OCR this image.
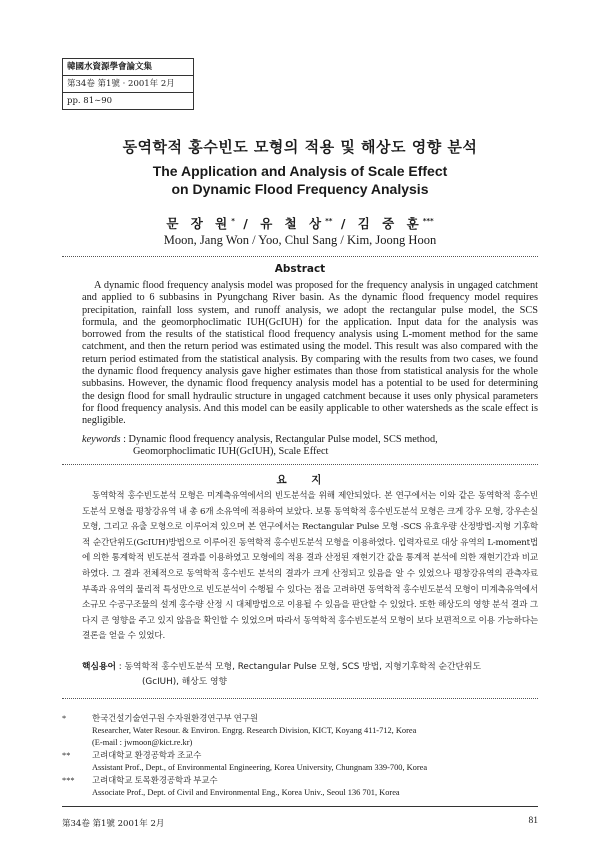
韓國水資源學會論文集
第34卷 第1號 · 2001年 2月
pp. 81∼90
동역학적 홍수빈도 모형의 적용 및 해상도 영향 분석
The Application and Analysis of Scale Effect
on Dynamic Flood Frequency Analysis
문 장 원* / 유 철 상** / 김 중 훈***
Moon, Jang Won / Yoo, Chul Sang / Kim, Joong Hoon
Abstract

A dynamic flood frequency analysis model was proposed for the frequency analysis in ungaged catchment and applied to 6 subbasins in Pyungchang River basin. As the dynamic flood frequency model requires precipitation, rainfall loss system, and runoff analysis, we adopt the rectangular pulse model, the SCS formula, and the geomorphoclimatic IUH(GcIUH) for the application. Input data for the analysis was borrowed from the results of the statistical flood frequency analysis using L-moment method for the same catchment, and then the return period was estimated using the model. This result was also compared with the return period estimated from the statistical analysis. By comparing with the results from two cases, we found the dynamic flood frequency analysis gave higher estimates than those from statistical analysis for the whole subbasins. However, the dynamic flood frequency analysis model has a potential to be used for determining the design flood for small hydraulic structure in ungaged catchment because it uses only physical parameters for flood frequency analysis. And this model can be easily applicable to other watersheds as the scale effect is negligible.

keywords : Dynamic flood frequency analysis, Rectangular Pulse model, SCS method,
Geomorphoclimatic IUH(GcIUH), Scale Effect
요    지

동역학적 홍수빈도분석 모형은 미계측유역에서의 빈도분석을 위해 제안되었다. 본 연구에서는 이와 같은 동역학적 홍수빈도분석 모형을 평창강유역 내 총 6개 소유역에 적용하여 보았다. 보통 동역학적 홍수빈도분석 모형은 크게 강우 모형, 강우손실 모형, 그리고 유출 모형으로 이루어져 있으며 본 연구에서는 Rectangular Pulse 모형 -SCS 유효우량 산정방법-지형 기후학적 순간단위도(GcIUH)방법으로 이루어진 동역학적 홍수빈도분석 모형을 이용하였다. 입력자료로 대상 유역의 L-moment법에 의한 통계학적 빈도분석 결과를 이용하였고 모형에의 적용 결과 산정된 재현기간 값을 통계적 분석에 의한 재현기간과 비교하였다. 그 결과 전체적으로 동역학적 홍수빈도 분석의 결과가 크게 산정되고 있음을 알 수 있었으나 평창강유역의 관측자료 부족과 유역의 물리적 특성만으로 빈도분석이 수행될 수 있다는 점을 고려하면 동역학적 홍수빈도분석 모형이 미계측유역에서 소규모 수공구조물의 설계 홍수량 산정 시 대체방법으로 이용될 수 있음을 판단할 수 있었다. 또한 해상도의 영향 분석 결과 그다지 큰 영향을 주고 있지 않음을 확인할 수 있었으며 따라서 동역학적 홍수빈도분석 모형이 보다 보편적으로 이용 가능하다는 결론을 얻을 수 있었다.

핵심용어 : 동역학적 홍수빈도분석 모형, Rectangular Pulse 모형, SCS 방법, 지형기후학적 순간단위도
(GcIUH), 해상도 영향
*	한국건설기술연구원 수자원환경연구부 연구원
Researcher, Water Resour. & Environ. Engrg. Research Division, KICT, Koyang 411-712, Korea
(E-mail : jwmoon@kict.re.kr)
**	고려대학교 환경공학과 조교수
Assistant Prof., Dept., of Environmental Engineering, Korea University, Chungnam 339-700, Korea
*** 고려대학교 토목환경공학과 부교수
Associate Prof., Dept. of Civil and Environmental Eng., Korea Univ., Seoul 136 701, Korea
第34卷 第1號 2001年 2月	81
